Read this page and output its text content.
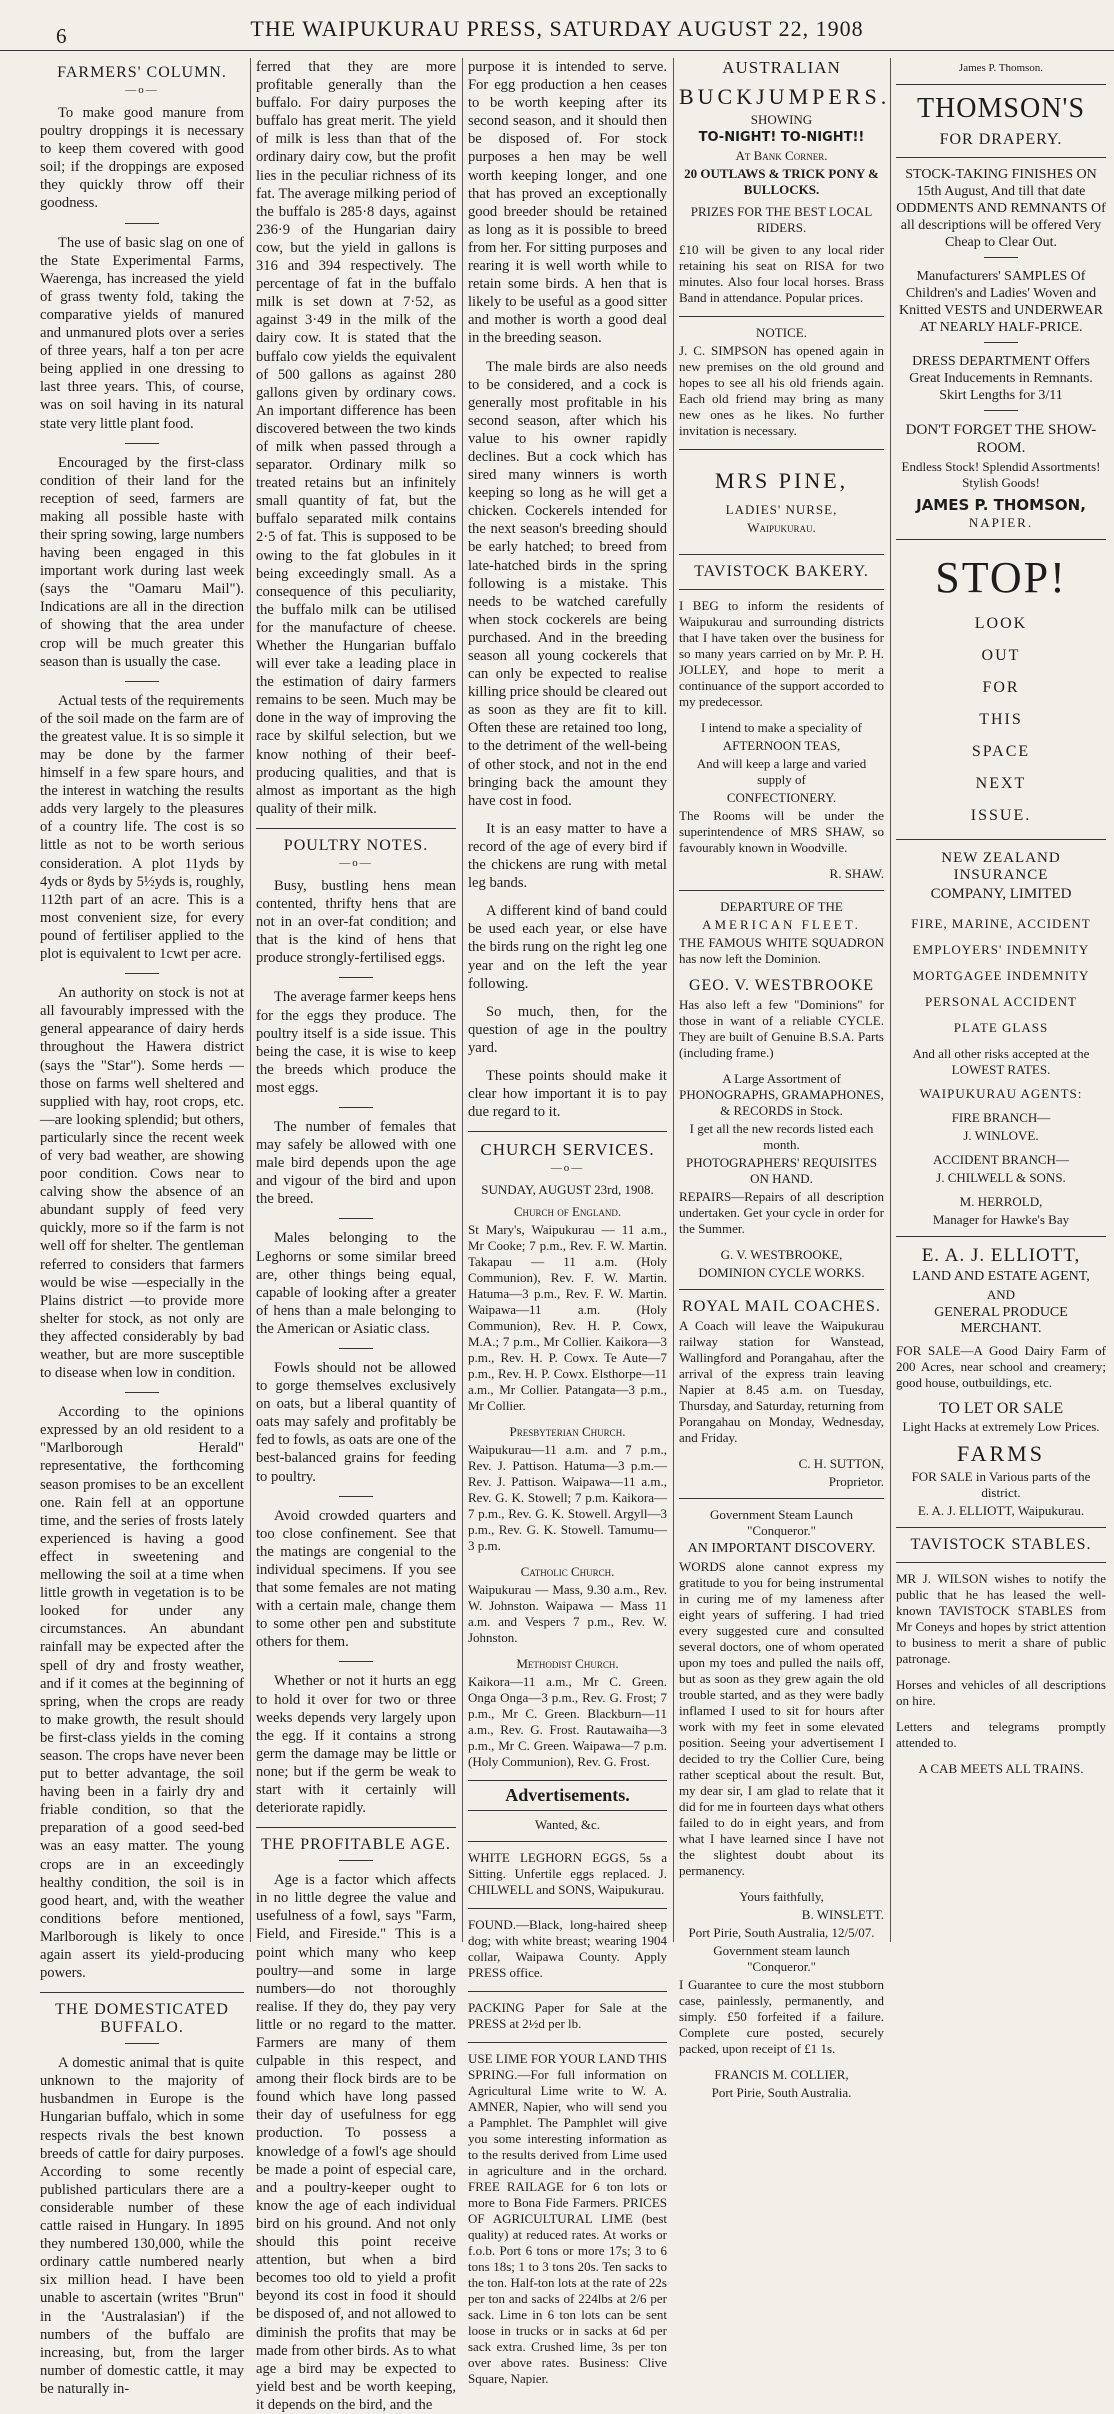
6	THE WAIPUKURAU PRESS, SATURDAY AUGUST 22, 1908
FARMERS' COLUMN.
—o—

To make good manure from poultry droppings it is necessary to keep them covered with good soil; if the droppings are exposed they quickly throw off their goodness.

The use of basic slag on one of the State Experimental Farms, Waerenga, has increased the yield of grass twenty fold, taking the comparative yields of manured and unmanured plots over a series of three years, half a ton per acre being applied in one dressing to last three years. This, of course, was on soil having in its natural state very little plant food.

Encouraged by the first-class condition of their land for the reception of seed, farmers are making all possible haste with their spring sowing, large numbers having been engaged in this important work during last week (says the "Oamaru Mail"). Indications are all in the direction of showing that the area under crop will be much greater this season than is usually the case.

Actual tests of the requirements of the soil made on the farm are of the greatest value. It is so simple it may be done by the farmer himself in a few spare hours, and the interest in watching the results adds very largely to the pleasures of a country life. The cost is so little as not to be worth serious consideration. A plot 11yds by 4yds or 8yds by 5½yds is, roughly, 112th part of an acre. This is a most convenient size, for every pound of fertiliser applied to the plot is equivalent to 1cwt per acre.

An authority on stock is not at all favourably impressed with the general appearance of dairy herds throughout the Hawera district (says the "Star"). Some herds —those on farms well sheltered and supplied with hay, root crops, etc.—are looking splendid; but others, particularly since the recent week of very bad weather, are showing poor condition. Cows near to calving show the absence of an abundant supply of feed very quickly, more so if the farm is not well off for shelter. The gentleman referred to considers that farmers would be wise —especially in the Plains district —to provide more shelter for stock, as not only are they affected considerably by bad weather, but are more susceptible to disease when low in condition.

According to the opinions expressed by an old resident to a "Marlborough Herald" representative, the forthcoming season promises to be an excellent one. Rain fell at an opportune time, and the series of frosts lately experienced is having a good effect in sweetening and mellowing the soil at a time when little growth in vegetation is to be looked for under any circumstances. An abundant rainfall may be expected after the spell of dry and frosty weather, and if it comes at the beginning of spring, when the crops are ready to make growth, the result should be first-class yields in the coming season. The crops have never been put to better advantage, the soil having been in a fairly dry and friable condition, so that the preparation of a good seed-bed was an easy matter. The young crops are in an exceedingly healthy condition, the soil is in good heart, and, with the weather conditions before mentioned, Marlborough is likely to once again assert its yield-producing powers.

THE DOMESTICATED BUFFALO.

A domestic animal that is quite unknown to the majority of husbandmen in Europe is the Hungarian buffalo, which in some respects rivals the best known breeds of cattle for dairy purposes. According to some recently published particulars there are a considerable number of these cattle raised in Hungary. In 1895 they numbered 130,000, while the ordinary cattle numbered nearly six million head. I have been unable to ascertain (writes "Brun" in the 'Australasian') if the numbers of the buffalo are increasing, but, from the larger number of domestic cattle, it may be naturally in-

ferred that they are more profitable generally than the buffalo. For dairy purposes the buffalo has great merit. The yield of milk is less than that of the ordinary dairy cow, but the profit lies in the peculiar richness of its fat. The average milking period of the buffalo is 285·8 days, against 236·9 of the Hungarian dairy cow, but the yield in gallons is 316 and 394 respectively. The percentage of fat in the buffalo milk is set down at 7·52, as against 3·49 in the milk of the dairy cow. It is stated that the buffalo cow yields the equivalent of 500 gallons as against 280 gallons given by ordinary cows. An important difference has been discovered between the two kinds of milk when passed through a separator. Ordinary milk so treated retains but an infinitely small quantity of fat, but the buffalo separated milk contains 2·5 of fat. This is supposed to be owing to the fat globules in it being exceedingly small. As a consequence of this peculiarity, the buffalo milk can be utilised for the manufacture of cheese. Whether the Hungarian buffalo will ever take a leading place in the estimation of dairy farmers remains to be seen. Much may be done in the way of improving the race by skilful selection, but we know nothing of their beef-producing qualities, and that is almost as important as the high quality of their milk.

POULTRY NOTES.
—o—

Busy, bustling hens mean contented, thrifty hens that are not in an over-fat condition; and that is the kind of hens that produce strongly-fertilised eggs.

The average farmer keeps hens for the eggs they produce. The poultry itself is a side issue. This being the case, it is wise to keep the breeds which produce the most eggs.

The number of females that may safely be allowed with one male bird depends upon the age and vigour of the bird and upon the breed.

Males belonging to the Leghorns or some similar breed are, other things being equal, capable of looking after a greater of hens than a male belonging to the American or Asiatic class.

Fowls should not be allowed to gorge themselves exclusively on oats, but a liberal quantity of oats may safely and profitably be fed to fowls, as oats are one of the best-balanced grains for feeding to poultry.

Avoid crowded quarters and too close confinement. See that the matings are congenial to the individual specimens. If you see that some females are not mating with a certain male, change them to some other pen and substitute others for them.

Whether or not it hurts an egg to hold it over for two or three weeks depends very largely upon the egg. If it contains a strong germ the damage may be little or none; but if the germ be weak to start with it certainly will deteriorate rapidly.

THE PROFITABLE AGE.

Age is a factor which affects in no little degree the value and usefulness of a fowl, says "Farm, Field, and Fireside." This is a point which many who keep poultry—and some in large numbers—do not thoroughly realise. If they do, they pay very little or no regard to the matter. Farmers are many of them culpable in this respect, and among their flock birds are to be found which have long passed their day of usefulness for egg production. To possess a knowledge of a fowl's age should be made a point of especial care, and a poultry-keeper ought to know the age of each individual bird on his ground. And not only should this point receive attention, but when a bird becomes too old to yield a profit beyond its cost in food it should be disposed of, and not allowed to diminish the profits that may be made from other birds. As to what age a bird may be expected to yield best and be worth keeping, it depends on the bird, and the

purpose it is intended to serve. For egg production a hen ceases to be worth keeping after its second season, and it should then be disposed of. For stock purposes a hen may be well worth keeping longer, and one that has proved an exceptionally good breeder should be retained as long as it is possible to breed from her. For sitting purposes and rearing it is well worth while to retain some birds. A hen that is likely to be useful as a good sitter and mother is worth a good deal in the breeding season.

The male birds are also needs to be considered, and a cock is generally most profitable in his second season, after which his value to his owner rapidly declines. But a cock which has sired many winners is worth keeping so long as he will get a chicken. Cockerels intended for the next season's breeding should be early hatched; to breed from late-hatched birds in the spring following is a mistake. This needs to be watched carefully when stock cockerels are being purchased. And in the breeding season all young cockerels that can only be expected to realise killing price should be cleared out as soon as they are fit to kill. Often these are retained too long, to the detriment of the well-being of other stock, and not in the end bringing back the amount they have cost in food.

It is an easy matter to have a record of the age of every bird if the chickens are rung with metal leg bands.

A different kind of band could be used each year, or else have the birds rung on the right leg one year and on the left the year following.

So much, then, for the question of age in the poultry yard.

These points should make it clear how important it is to pay due regard to it.

CHURCH SERVICES.
—o—
SUNDAY, AUGUST 23rd, 1908.
Church of England.

St Mary's, Waipukurau — 11 a.m., Mr Cooke; 7 p.m., Rev. F. W. Martin. Takapau — 11 a.m. (Holy Communion), Rev. F. W. Martin. Hatuma—3 p.m., Rev. F. W. Martin. Waipawa—11 a.m. (Holy Communion), Rev. H. P. Cowx, M.A.; 7 p.m., Mr Collier. Kaikora—3 p.m., Rev. H. P. Cowx. Te Aute—7 p.m., Rev. H. P. Cowx. Elsthorpe—11 a.m., Mr Collier. Patangata—3 p.m., Mr Collier.

Presbyterian Church.

Waipukurau—11 a.m. and 7 p.m., Rev. J. Pattison. Hatuma—3 p.m.—Rev. J. Pattison. Waipawa—11 a.m., Rev. G. K. Stowell; 7 p.m. Kaikora—7 p.m., Rev. G. K. Stowell. Argyll—3 p.m., Rev. G. K. Stowell. Tamumu—3 p.m.

Catholic Church.

Waipukurau — Mass, 9.30 a.m., Rev. W. Johnston. Waipawa — Mass 11 a.m. and Vespers 7 p.m., Rev. W. Johnston.

Methodist Church.

Kaikora—11 a.m., Mr C. Green. Onga Onga—3 p.m., Rev. G. Frost; 7 p.m., Mr C. Green. Blackburn—11 a.m., Rev. G. Frost. Rautawaiha—3 p.m., Mr C. Green. Waipawa—7 p.m. (Holy Communion), Rev. G. Frost.

Advertisements.
Wanted, &c.

WHITE LEGHORN EGGS, 5s a Sitting. Unfertile eggs replaced. J. CHILWELL and SONS, Waipukurau.

FOUND.—Black, long-haired sheep dog; with white breast; wearing 1904 collar, Waipawa County. Apply PRESS office.

PACKING Paper for Sale at the PRESS at 2½d per lb.

USE LIME FOR YOUR LAND THIS SPRING.—For full information on Agricultural Lime write to W. A. AMNER, Napier, who will send you a Pamphlet. The Pamphlet will give you some interesting information as to the results derived from Lime used in agriculture and in the orchard. FREE RAILAGE for 6 ton lots or more to Bona Fide Farmers. PRICES OF AGRICULTURAL LIME (best quality) at reduced rates. At works or f.o.b. Port 6 tons or more 17s; 3 to 6 tons 18s; 1 to 3 tons 20s. Ten sacks to the ton. Half-ton lots at the rate of 22s per ton and sacks of 224lbs at 2/6 per sack. Lime in 6 ton lots can be sent loose in trucks or in sacks at 6d per sack extra. Crushed lime, 3s per ton over above rates. Business: Clive Square, Napier.

AUSTRALIAN
BUCKJUMPERS.
SHOWING
TO-NIGHT! TO-NIGHT!!
At Bank Corner.
20 OUTLAWS & TRICK PONY & BULLOCKS.
PRIZES FOR THE BEST LOCAL RIDERS.

£10 will be given to any local rider retaining his seat on RISA for two minutes. Also four local horses. Brass Band in attendance. Popular prices.

NOTICE.

J. C. SIMPSON has opened again in new premises on the old ground and hopes to see all his old friends again. Each old friend may bring as many new ones as he likes. No further invitation is necessary.

MRS PINE,
LADIES' NURSE,
Waipukurau.
TAVISTOCK BAKERY.

I BEG to inform the residents of Waipukurau and surrounding districts that I have taken over the business for so many years carried on by Mr. P. H. JOLLEY, and hope to merit a continuance of the support accorded to my predecessor.

I intend to make a speciality of
AFTERNOON TEAS,
And will keep a large and varied supply of
CONFECTIONERY.

The Rooms will be under the superintendence of MRS SHAW, so favourably known in Woodville.

R. SHAW.
DEPARTURE OF THE
AMERICAN FLEET.

THE FAMOUS WHITE SQUADRON has now left the Dominion.

GEO. V. WESTBROOKE

Has also left a few "Dominions" for those in want of a reliable CYCLE. They are built of Genuine B.S.A. Parts (including frame.)

A Large Assortment of PHONOGRAPHS, GRAMAPHONES, & RECORDS in Stock.
I get all the new records listed each month.
PHOTOGRAPHERS' REQUISITES ON HAND.

REPAIRS—Repairs of all description undertaken. Get your cycle in order for the Summer.

G. V. WESTBROOKE,
DOMINION CYCLE WORKS.
ROYAL MAIL COACHES.

A Coach will leave the Waipukurau railway station for Wanstead, Wallingford and Porangahau, after the arrival of the express train leaving Napier at 8.45 a.m. on Tuesday, Thursday, and Saturday, returning from Porangahau on Monday, Wednesday, and Friday.

C. H. SUTTON,
Proprietor.
Government Steam Launch "Conqueror."
AN IMPORTANT DISCOVERY.

WORDS alone cannot express my gratitude to you for being instrumental in curing me of my lameness after eight years of suffering. I had tried every suggested cure and consulted several doctors, one of whom operated upon my toes and pulled the nails off, but as soon as they grew again the old trouble started, and as they were badly inflamed I used to sit for hours after work with my feet in some elevated position. Seeing your advertisement I decided to try the Collier Cure, being rather sceptical about the result. But, my dear sir, I am glad to relate that it did for me in fourteen days what others failed to do in eight years, and from what I have learned since I have not the slightest doubt about its permanency.

Yours faithfully,
B. WINSLETT.
Port Pirie, South Australia, 12/5/07.
Government steam launch "Conqueror."

I Guarantee to cure the most stubborn case, painlessly, permanently, and simply. £50 forfeited if a failure. Complete cure posted, securely packed, upon receipt of £1 1s.

FRANCIS M. COLLIER,
Port Pirie, South Australia.
James P. Thomson.
THOMSON'S
FOR DRAPERY.
STOCK-TAKING FINISHES ON 15th August, And till that date ODDMENTS AND REMNANTS Of all descriptions will be offered Very Cheap to Clear Out.
Manufacturers' SAMPLES Of Children's and Ladies' Woven and Knitted VESTS and UNDERWEAR AT NEARLY HALF-PRICE.
DRESS DEPARTMENT Offers Great Inducements in Remnants. Skirt Lengths for 3/11
DON'T FORGET THE SHOW-ROOM.
Endless Stock! Splendid Assortments! Stylish Goods!
JAMES P. THOMSON,
NAPIER.
STOP!
LOOK
OUT
FOR
THIS
SPACE
NEXT
ISSUE.
NEW ZEALAND INSURANCE
COMPANY, LIMITED
FIRE, MARINE, ACCIDENT
EMPLOYERS' INDEMNITY
MORTGAGEE INDEMNITY
PERSONAL ACCIDENT
PLATE GLASS
And all other risks accepted at the LOWEST RATES.
WAIPUKURAU AGENTS:
FIRE BRANCH—
J. WINLOVE.
ACCIDENT BRANCH—
J. CHILWELL & SONS.
M. HERROLD,
Manager for Hawke's Bay
E. A. J. ELLIOTT,
LAND AND ESTATE AGENT,
AND
GENERAL PRODUCE MERCHANT.

FOR SALE—A Good Dairy Farm of 200 Acres, near school and creamery; good house, outbuildings, etc.

TO LET OR SALE
Light Hacks at extremely Low Prices.
FARMS
FOR SALE in Various parts of the district.
E. A. J. ELLIOTT, Waipukurau.
TAVISTOCK STABLES.

MR J. WILSON wishes to notify the public that he has leased the well-known TAVISTOCK STABLES from Mr Coneys and hopes by strict attention to business to merit a share of public patronage.

Horses and vehicles of all descriptions on hire.

Letters and telegrams promptly attended to.

A CAB MEETS ALL TRAINS.
